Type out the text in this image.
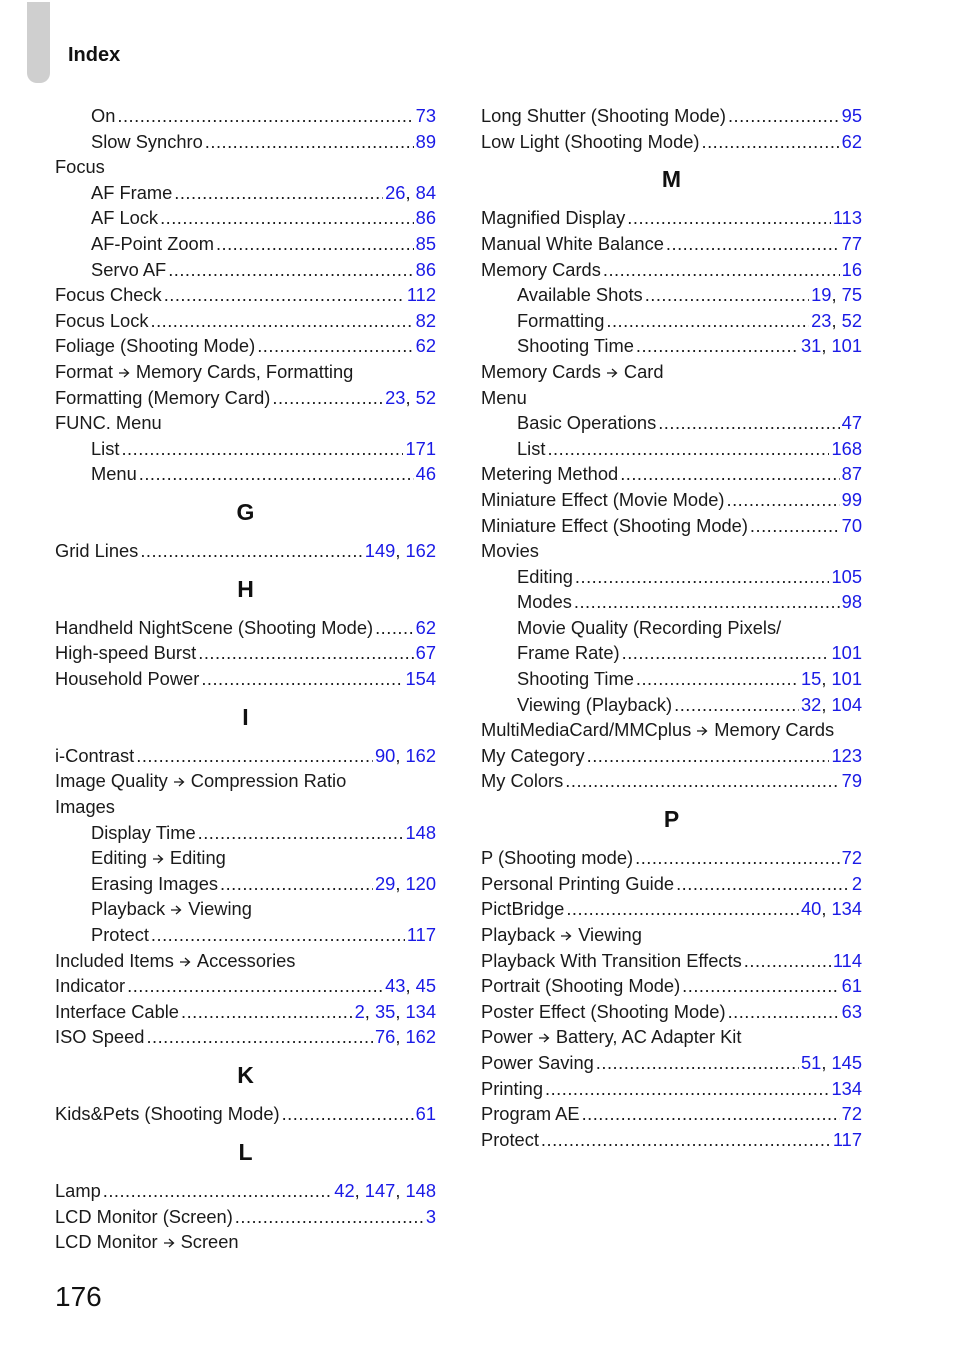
Index
On .....	73
Slow Synchro .....	89
Focus
AF Frame .....	26, 84
AF Lock .....	86
AF-Point Zoom .....	85
Servo AF .....	86
Focus Check .....	112
Focus Lock .....	82
Foliage (Shooting Mode) .....	62
Format Memory Cards, Formatting
Formatting (Memory Card) .....	23, 52
FUNC. Menu
List .....	171
Menu .....	46
G
Grid Lines .....	149, 162
H
Handheld NightScene (Shooting Mode) ..... 62
High-speed Burst .....	67
Household Power .....	154
I
i-Contrast .....	90, 162
Image Quality Compression Ratio
Images
Display Time .....	148
Editing Editing
Erasing Images .....	29, 120
Playback Viewing
Protect .....	117
Included Items Accessories
Indicator .....	43, 45
Interface Cable .....	2, 35, 134
ISO Speed .....	76, 162
K
Kids&Pets (Shooting Mode) .....	61
L
Lamp .....	42, 147, 148
LCD Monitor (Screen) .....	3
LCD Monitor Screen
Long Shutter (Shooting Mode) .....	95
Low Light (Shooting Mode) .....	62
M
Magnified Display .....	113
Manual White Balance .....	77
Memory Cards .....	16
Available Shots .....	19, 75
Formatting .....	23, 52
Shooting Time .....	31, 101
Memory Cards Card
Menu
Basic Operations .....	47
List .....	168
Metering Method .....	87
Miniature Effect (Movie Mode) .....	99
Miniature Effect (Shooting Mode) .....	70
Movies
Editing .....	105
Modes .....	98
Movie Quality (Recording Pixels/
Frame Rate) .....	101
Shooting Time .....	15, 101
Viewing (Playback) .....	32, 104
MultiMediaCard/MMCplus Memory Cards
My Category .....	123
My Colors .....	79
P
P (Shooting mode) .....	72
Personal Printing Guide .....	2
PictBridge .....	40, 134
Playback Viewing
Playback With Transition Effects .....	114
Portrait (Shooting Mode) .....	61
Poster Effect (Shooting Mode) .....	63
Power Battery, AC Adapter Kit
Power Saving .....	51, 145
Printing .....	134
Program AE .....	72
Protect .....	117
176
